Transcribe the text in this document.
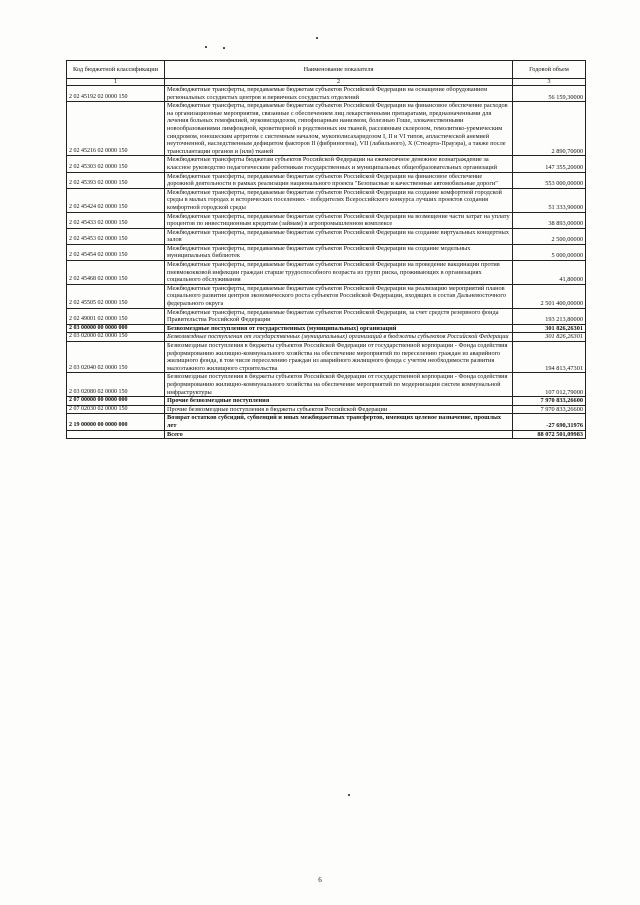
Код бюджетной классификации	Наименование показателя	Годовой объем
1	2	3
2 02 45192 02 0000 150	Межбюджетные трансферты, передаваемые бюджетам субъектов Российской Федерации на оснащение оборудованием региональных сосудистых центров и первичных сосудистых отделений	56 159,30000
2 02 45216 02 0000 150	Межбюджетные трансферты, передаваемые бюджетам субъектов Российской Федерации на финансовое обеспечение расходов на организационные мероприятия, связанные с обеспечением лиц лекарственными препаратами, предназначенными для лечения больных гемофилией, муковисцидозом, гипофизарным нанизмом, болезнью Гоше, злокачественными новообразованиями лимфоидной, кроветворной и родственных им тканей, рассеянным склерозом, гемолитико-уремическим синдромом, юношеским артритом с системным началом, мукополисахаридозом I, II и VI типов, апластической анемией неуточненной, наследственным дефицитом факторов II (фибриногена), VII (лабильного), X (Стюарта-Прауэра), а также после трансплантации органов и (или) тканей	2 890,70000
2 02 45303 02 0000 150	Межбюджетные трансферты бюджетам субъектов Российской Федерации на ежемесячное денежное вознаграждение за классное руководство педагогическим работникам государственных и муниципальных общеобразовательных организаций	147 355,20000
2 02 45393 02 0000 150	Межбюджетные трансферты, передаваемые бюджетам субъектов Российской Федерации на финансовое обеспечение дорожной деятельности в рамках реализации национального проекта "Безопасные и качественные автомобильные дороги"	553 000,00000
2 02 45424 02 0000 150	Межбюджетные трансферты, передаваемые бюджетам субъектов Российской Федерации на создание комфортной городской среды в малых городах и исторических поселениях - победителях Всероссийского конкурса лучших проектов создания комфортной городской среды	51 333,90000
2 02 45433 02 0000 150	Межбюджетные трансферты, передаваемые бюджетам субъектов Российской Федерации на возмещение части затрат на уплату процентов по инвестиционным кредитам (займам) в агропромышленном комплексе	38 893,00000
2 02 45453 02 0000 150	Межбюджетные трансферты, передаваемые бюджетам субъектов Российской Федерации на создание виртуальных концертных залов	2 500,00000
2 02 45454 02 0000 150	Межбюджетные трансферты, передаваемые бюджетам субъектов Российской Федерации на создание модельных муниципальных библиотек	5 000,00000
2 02 45468 02 0000 150	Межбюджетные трансферты, передаваемые бюджетам субъектов Российской Федерации на проведение вакцинации против пневмококковой инфекции граждан старше трудоспособного возраста из групп риска, проживающих в организациях социального обслуживания	41,80000
2 02 45505 02 0000 150	Межбюджетные трансферты, передаваемые бюджетам субъектов Российской Федерации на реализацию мероприятий планов социального развития центров экономического роста субъектов Российской Федерации, входящих в состав Дальневосточного федерального округа	2 501 400,00000
2 02 49001 02 0000 150	Межбюджетные трансферты, передаваемые бюджетам субъектов Российской Федерации, за счет средств резервного фонда Правительства Российской Федерации	193 213,80000
2 03 00000 00 0000 000	Безвозмездные поступления от государственных (муниципальных) организаций	301 826,26301
2 03 02000 02 0000 150	Безвозмездные поступления от государственных (муниципальных) организаций в бюджеты субъектов Российской Федерации	301 826,26301
2 03 02040 02 0000 150	Безвозмездные поступления в бюджеты субъектов Российской Федерации от государственной корпорации - Фонда содействия реформированию жилищно-коммунального хозяйства на обеспечение мероприятий по переселению граждан из аварийного жилищного фонда, в том числе переселению граждан из аварийного жилищного фонда с учетом необходимости развития малоэтажного жилищного строительства	194 813,47301
2 03 02080 02 0000 150	Безвозмездные поступления в бюджеты субъектов Российской Федерации от государственной корпорации - Фонда содействия реформированию жилищно-коммунального хозяйства на обеспечение мероприятий по модернизации систем коммунальной инфраструктуры	107 012,79000
2 07 00000 00 0000 000	Прочие безвозмездные поступления	7 970 833,26600
2 07 02030 02 0000 150	Прочие безвозмездные поступления в бюджеты субъектов Российской Федерации	7 970 833,26600
2 19 00000 00 0000 000	Возврат остатков субсидий, субвенций и иных межбюджетных трансфертов, имеющих целевое назначение, прошлых лет	-27 690,31976
	Всего	88 072 501,09983
6
